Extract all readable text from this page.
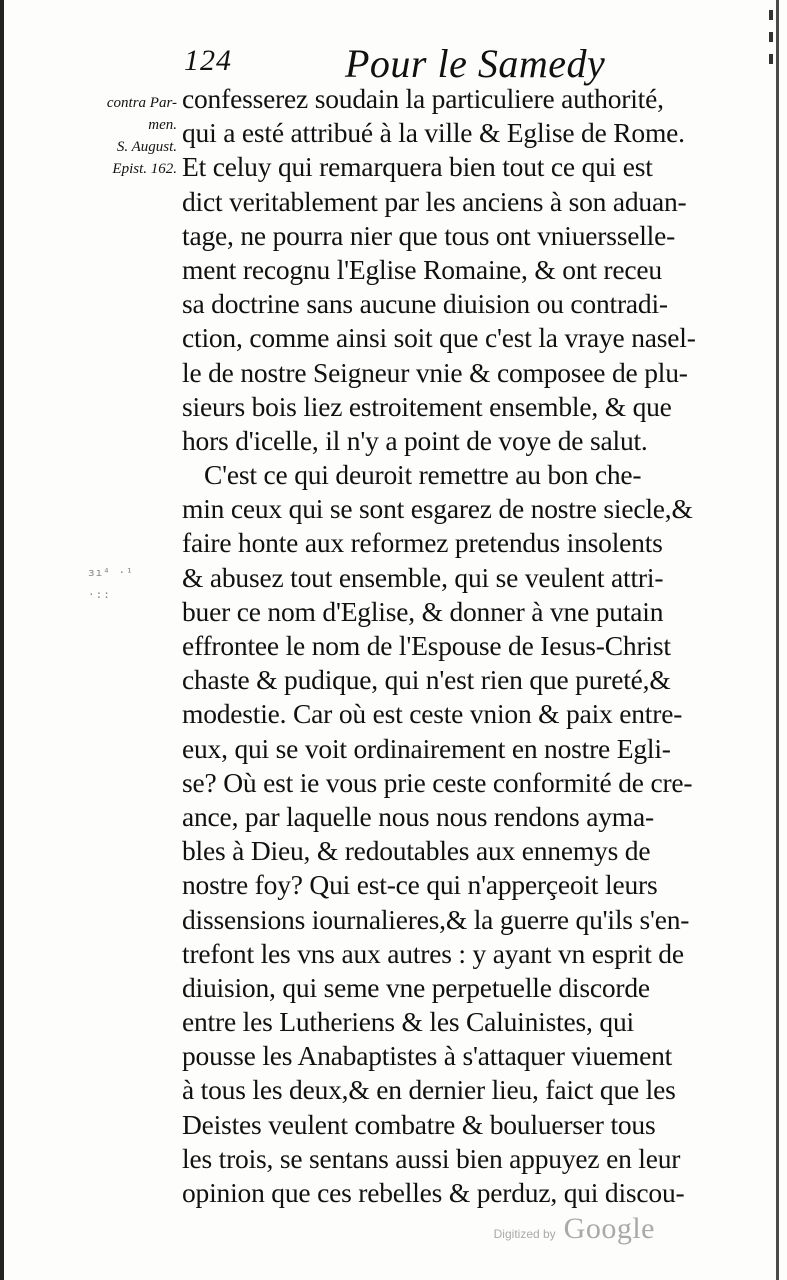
124	Pour le Samedy
contra Par-
men.
S. August.
Epist. 162.
ɜı⁴ ·¹
·::
confesserez soudain la particuliere authorité,
qui a esté attribué à la ville & Eglise de Rome.
Et celuy qui remarquera bien tout ce qui est
dict veritablement par les anciens à son aduan-
tage, ne pourra nier que tous ont vniuersselle-
ment recognu l'Eglise Romaine, & ont receu
sa doctrine sans aucune diuision ou contradi-
ction, comme ainsi soit que c'est la vraye nasel-
le de nostre Seigneur vnie & composee de plu-
sieurs bois liez estroitement ensemble, & que
hors d'icelle, il n'y a point de voye de salut.
C'est ce qui deuroit remettre au bon che-
min ceux qui se sont esgarez de nostre siecle,&
faire honte aux reformez pretendus insolents
& abusez tout ensemble, qui se veulent attri-
buer ce nom d'Eglise, & donner à vne putain
effrontee le nom de l'Espouse de Iesus-Christ
chaste & pudique, qui n'est rien que pureté,&
modestie. Car où est ceste vnion & paix entre-
eux, qui se voit ordinairement en nostre Egli-
se? Où est ie vous prie ceste conformité de cre-
ance, par laquelle nous nous rendons ayma-
bles à Dieu, & redoutables aux ennemys de
nostre foy? Qui est-ce qui n'apperçeoit leurs
dissensions iournalieres,& la guerre qu'ils s'en-
trefont les vns aux autres : y ayant vn esprit de
diuision, qui seme vne perpetuelle discorde
entre les Lutheriens & les Caluinistes, qui
pousse les Anabaptistes à s'attaquer viuement
à tous les deux,& en dernier lieu, faict que les
Deistes veulent combatre & bouluerser tous
les trois, se sentans aussi bien appuyez en leur
opinion que ces rebelles & perduz, qui discou-
Digitized by Google
